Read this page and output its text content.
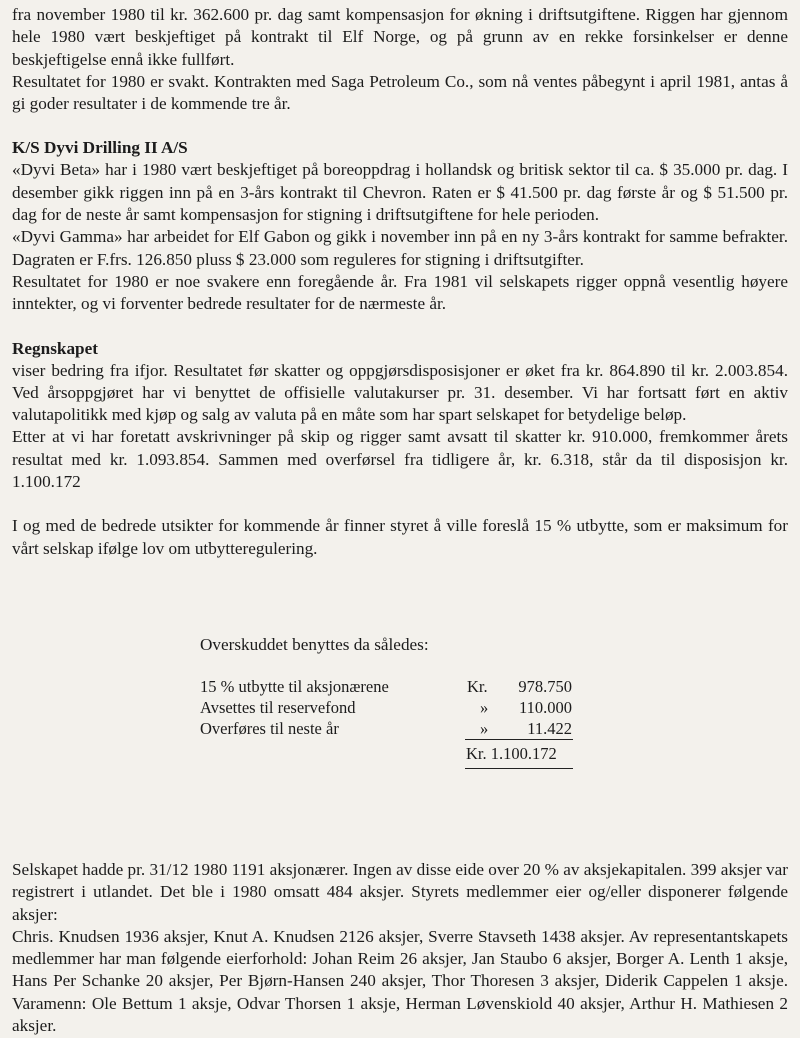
fra november 1980 til kr. 362.600 pr. dag samt kompensasjon for økning i driftsutgiftene. Riggen har gjennom hele 1980 vært beskjeftiget på kontrakt til Elf Norge, og på grunn av en rekke forsinkelser er denne beskjeftigelse ennå ikke fullført.

Resultatet for 1980 er svakt. Kontrakten med Saga Petroleum Co., som nå ventes påbegynt i april 1981, antas å gi goder resultater i de kommende tre år.

K/S Dyvi Drilling II A/S

«Dyvi Beta» har i 1980 vært beskjeftiget på boreoppdrag i hollandsk og britisk sektor til ca. $ 35.000 pr. dag. I desember gikk riggen inn på en 3-års kontrakt til Chevron. Raten er $ 41.500 pr. dag første år og $ 51.500 pr. dag for de neste år samt kompensasjon for stigning i driftsutgiftene for hele perioden.

«Dyvi Gamma» har arbeidet for Elf Gabon og gikk i november inn på en ny 3-års kontrakt for samme befrakter. Dagraten er F.frs. 126.850 pluss $ 23.000 som reguleres for stigning i driftsutgifter.

Resultatet for 1980 er noe svakere enn foregående år. Fra 1981 vil selskapets rigger oppnå vesentlig høyere inntekter, og vi forventer bedrede resultater for de nærmeste år.

Regnskapet

viser bedring fra ifjor. Resultatet før skatter og oppgjørsdisposisjoner er øket fra kr. 864.890 til kr. 2.003.854. Ved årsoppgjøret har vi benyttet de offisielle valutakurser pr. 31. desember. Vi har fortsatt ført en aktiv valutapolitikk med kjøp og salg av valuta på en måte som har spart selskapet for betydelige beløp.

Etter at vi har foretatt avskrivninger på skip og rigger samt avsatt til skatter kr. 910.000, fremkommer årets resultat med kr. 1.093.854. Sammen med overførsel fra tidligere år, kr. 6.318, står da til disposisjon kr. 1.100.172

I og med de bedrede utsikter for kommende år finner styret å ville foreslå 15 % utbytte, som er maksimum for vårt selskap ifølge lov om utbytteregulering.

Overskuddet benyttes da således:
15 % utbytte til aksjonærene	Kr. 978.750
Avsettes til reservefond	» 110.000
Overføres til neste år	» 11.422
Kr. 1.100.172

Selskapet hadde pr. 31/12 1980 1191 aksjonærer. Ingen av disse eide over 20 % av aksjekapitalen. 399 aksjer var registrert i utlandet. Det ble i 1980 omsatt 484 aksjer. Styrets medlemmer eier og/eller disponerer følgende aksjer:

Chris. Knudsen 1936 aksjer, Knut A. Knudsen 2126 aksjer, Sverre Stavseth 1438 aksjer. Av representantskapets medlemmer har man følgende eierforhold: Johan Reim 26 aksjer, Jan Staubo 6 aksjer, Borger A. Lenth 1 aksje, Hans Per Schanke 20 aksjer, Per Bjørn-Hansen 240 aksjer, Thor Thoresen 3 aksjer, Diderik Cappelen 1 aksje. Varamenn: Ole Bettum 1 aksje, Odvar Thorsen 1 aksje, Herman Løvenskiold 40 aksjer, Arthur H. Mathiesen 2 aksjer.
